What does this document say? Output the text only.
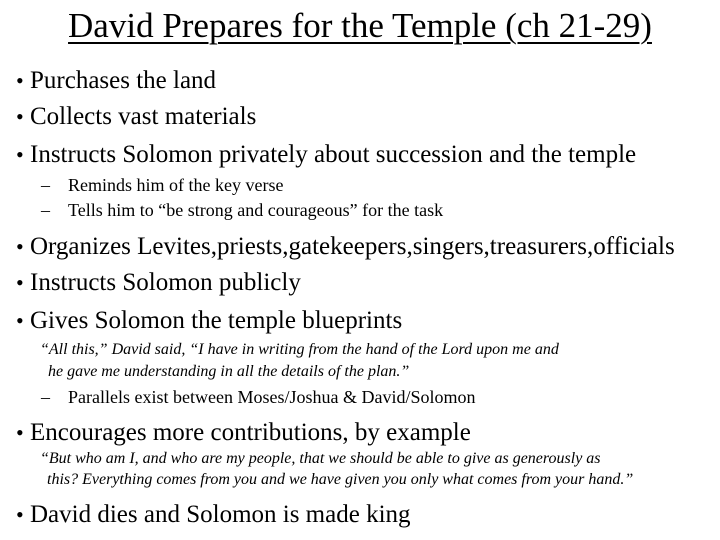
David Prepares for the Temple (ch 21-29)
• Purchases the land
• Collects vast materials
• Instructs Solomon privately about succession and the temple
– Reminds him of the key verse
– Tells him to “be strong and courageous” for the task
• Organizes Levites,priests,gatekeepers,singers,treasurers,officials
• Instructs Solomon publicly
• Gives Solomon the temple blueprints
“All this,” David said, “I have in writing from the hand of the Lord upon me and
he gave me understanding in all the details of the plan.”
– Parallels exist between Moses/Joshua & David/Solomon
• Encourages more contributions, by example
“But who am I, and who are my people, that we should be able to give as generously as
this? Everything comes from you and we have given you only what comes from your hand.”
• David dies and Solomon is made king
